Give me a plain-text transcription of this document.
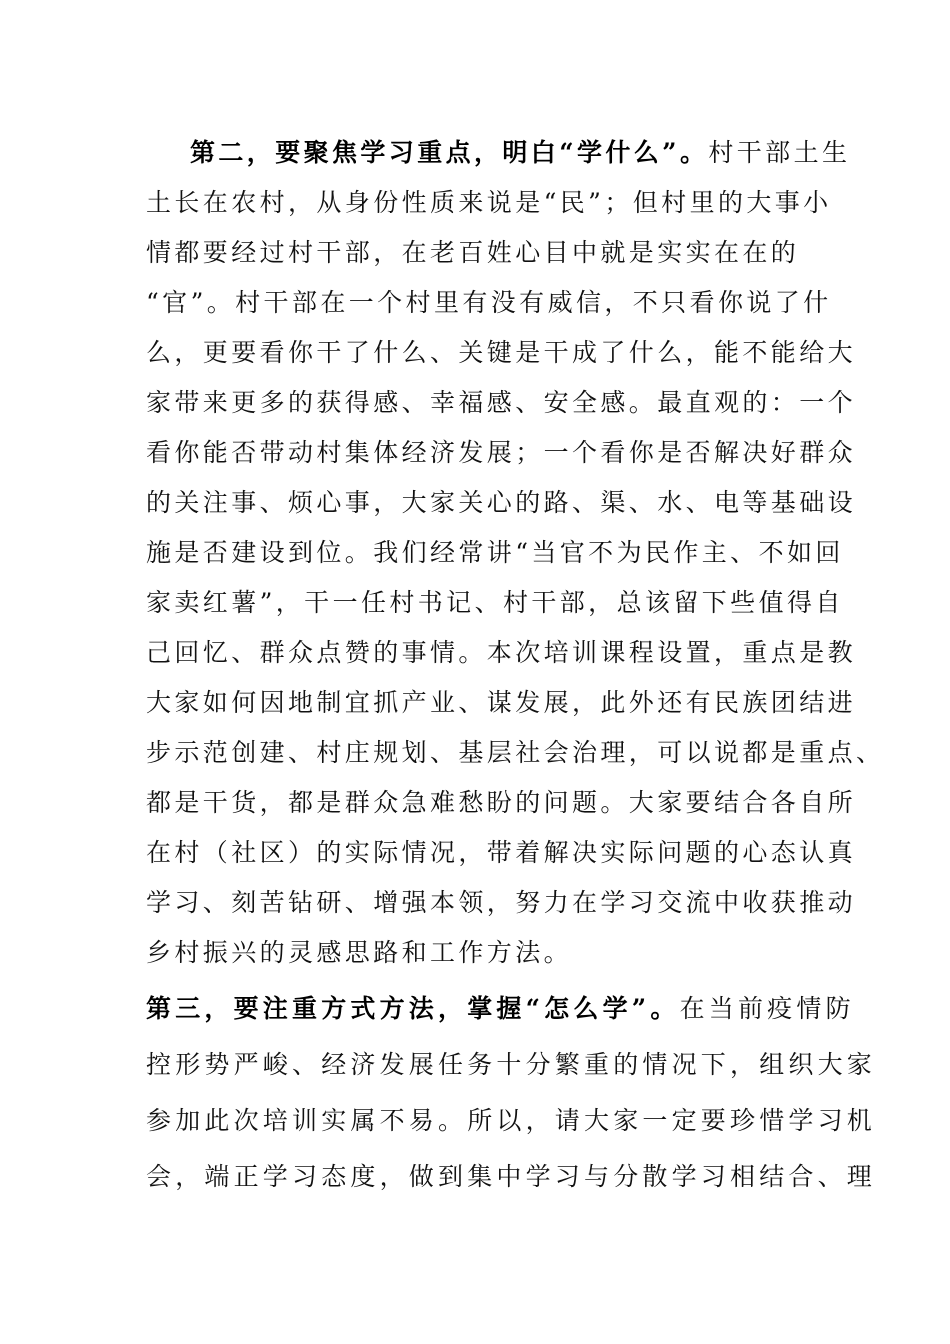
第二，要聚焦学习重点，明白“学什么”。村干部土生
土长在农村，从身份性质来说是“民”；但村里的大事小
情都要经过村干部，在老百姓心目中就是实实在在的
“官”。村干部在一个村里有没有威信，不只看你说了什
么，更要看你干了什么、关键是干成了什么，能不能给大
家带来更多的获得感、幸福感、安全感。最直观的：一个
看你能否带动村集体经济发展；一个看你是否解决好群众
的关注事、烦心事，大家关心的路、渠、水、电等基础设
施是否建设到位。我们经常讲“当官不为民作主、不如回
家卖红薯”，干一任村书记、村干部，总该留下些值得自
己回忆、群众点赞的事情。本次培训课程设置，重点是教
大家如何因地制宜抓产业、谋发展，此外还有民族团结进
步示范创建、村庄规划、基层社会治理，可以说都是重点、
都是干货，都是群众急难愁盼的问题。大家要结合各自所
在村（社区）的实际情况，带着解决实际问题的心态认真
学习、刻苦钻研、增强本领，努力在学习交流中收获推动
乡村振兴的灵感思路和工作方法。
第三，要注重方式方法，掌握“怎么学”。在当前疫情防
控形势严峻、经济发展任务十分繁重的情况下，组织大家
参加此次培训实属不易。所以，请大家一定要珍惜学习机
会，端正学习态度，做到集中学习与分散学习相结合、理
